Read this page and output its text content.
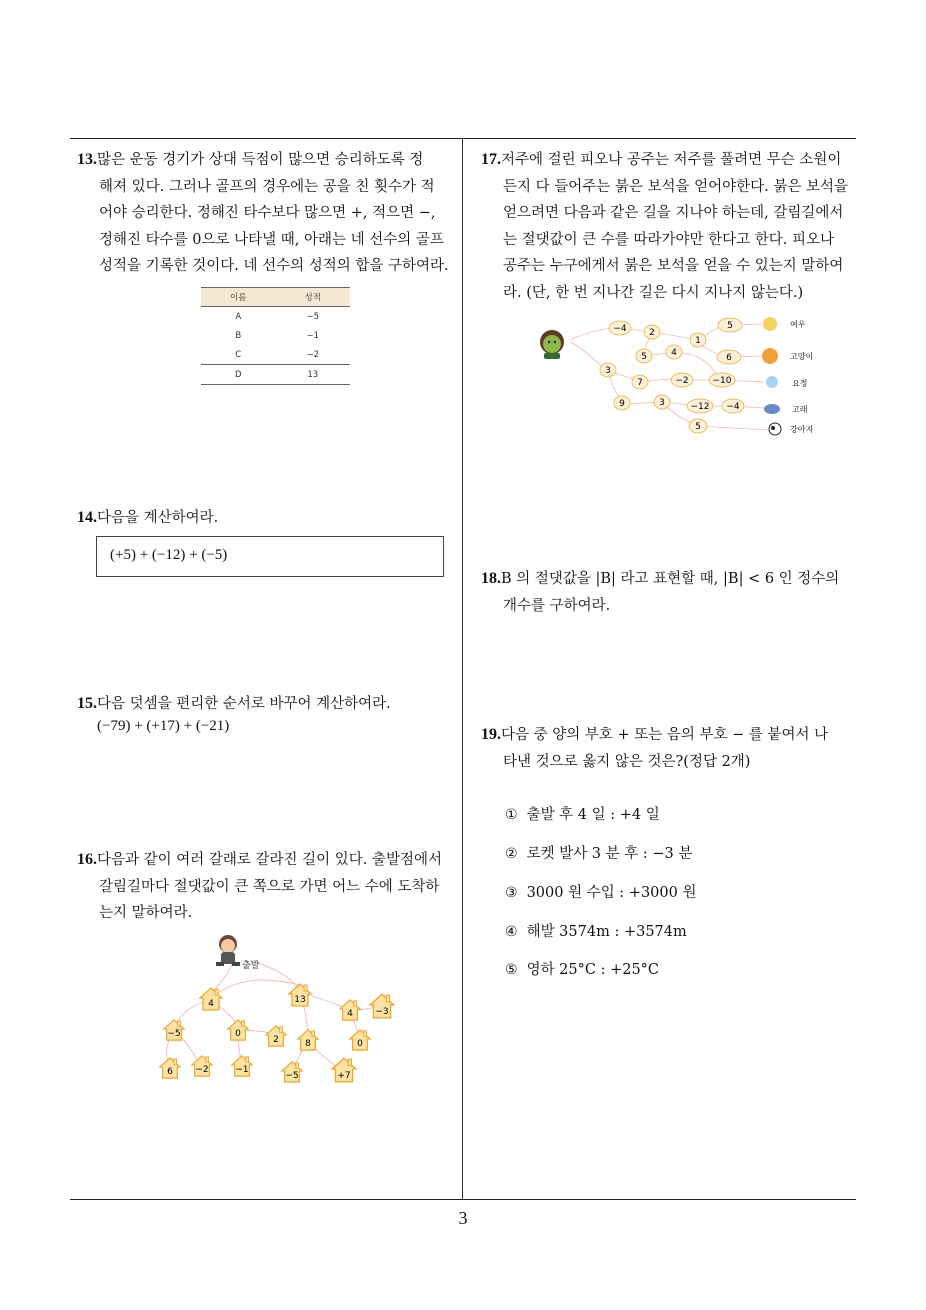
13.많은 운동 경기가 상대 득점이 많으면 승리하도록 정
해져 있다. 그러나 골프의 경우에는 공을 친 횟수가 적
어야 승리한다. 정해진 타수보다 많으면 +, 적으면 −,
정해진 타수를 0으로 나타낼 때, 아래는 네 선수의 골프
성적을 기록한 것이다. 네 선수의 성적의 합을 구하여라.
이름	성적
A	−5
B	−1
C	−2
D	13
14.다음을 계산하여라.
(+5) + (−12) + (−5)
15.다음 덧셈을 편리한 순서로 바꾸어 계산하여라.
(−79) + (+17) + (−21)
16.다음과 같이 여러 갈래로 갈라진 길이 있다. 출발점에서
갈림길마다 절댓값이 큰 쪽으로 가면 어느 수에 도착하
는지 말하여라.
출발
4	13
4 −3
−5	0
2	8	0
6 −2	−1
−5	+7
17.저주에 걸린 피오나 공주는 저주를 풀려면 무슨 소원이
든지 다 들어주는 붉은 보석을 얻어야한다. 붉은 보석을
얻으려면 다음과 같은 길을 지나야 하는데, 갈림길에서
는 절댓값이 큰 수를 따라가야만 한다고 한다. 피오나
공주는 누구에게서 붉은 보석을 얻을 수 있는지 말하여
라. (단, 한 번 지나간 길은 다시 지나지 않는다.)
−4 2
1
5
5	4	6
3
7	−2	−10
9	3	−12 −4
5
여우
고양이
요정
고래
강아지
18.B 의 절댓값을 |B| 라고 표현할 때, |B| < 6 인 정수의
개수를 구하여라.
19.다음 중 양의 부호 + 또는 음의 부호 − 를 붙여서 나
타낸 것으로 옳지 않은 것은?(정답 2개)
① 출발 후 4 일 : +4 일
② 로켓 발사 3 분 후 : −3 분
③ 3000 원 수입 : +3000 원
④ 해발 3574m : +3574m
⑤ 영하 25°C : +25°C
3
